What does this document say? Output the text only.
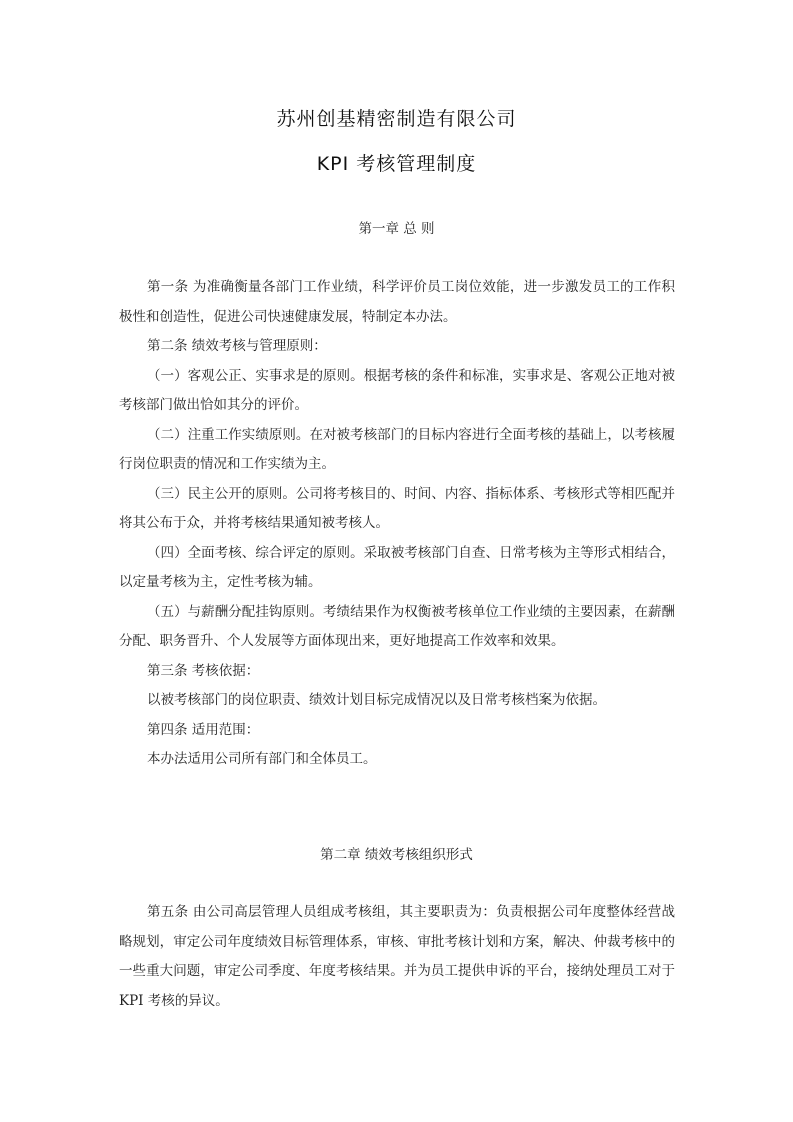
苏州创基精密制造有限公司
KPI 考核管理制度
第一章 总 则

第一条 为准确衡量各部门工作业绩，科学评价员工岗位效能，进一步激发员工的工作积极性和创造性，促进公司快速健康发展，特制定本办法。

第二条 绩效考核与管理原则：

（一）客观公正、实事求是的原则。根据考核的条件和标准，实事求是、客观公正地对被考核部门做出恰如其分的评价。

（二）注重工作实绩原则。在对被考核部门的目标内容进行全面考核的基础上，以考核履行岗位职责的情况和工作实绩为主。

（三）民主公开的原则。公司将考核目的、时间、内容、指标体系、考核形式等相匹配并将其公布于众，并将考核结果通知被考核人。

（四）全面考核、综合评定的原则。采取被考核部门自查、日常考核为主等形式相结合，以定量考核为主，定性考核为辅。

（五）与薪酬分配挂钩原则。考绩结果作为权衡被考核单位工作业绩的主要因素，在薪酬分配、职务晋升、个人发展等方面体现出来，更好地提高工作效率和效果。

第三条 考核依据：

以被考核部门的岗位职责、绩效计划目标完成情况以及日常考核档案为依据。

第四条 适用范围：

本办法适用公司所有部门和全体员工。

第二章 绩效考核组织形式

第五条 由公司高层管理人员组成考核组，其主要职责为：负责根据公司年度整体经营战略规划，审定公司年度绩效目标管理体系，审核、审批考核计划和方案，解决、仲裁考核中的一些重大问题，审定公司季度、年度考核结果。并为员工提供申诉的平台，接纳处理员工对于 KPI 考核的异议。
